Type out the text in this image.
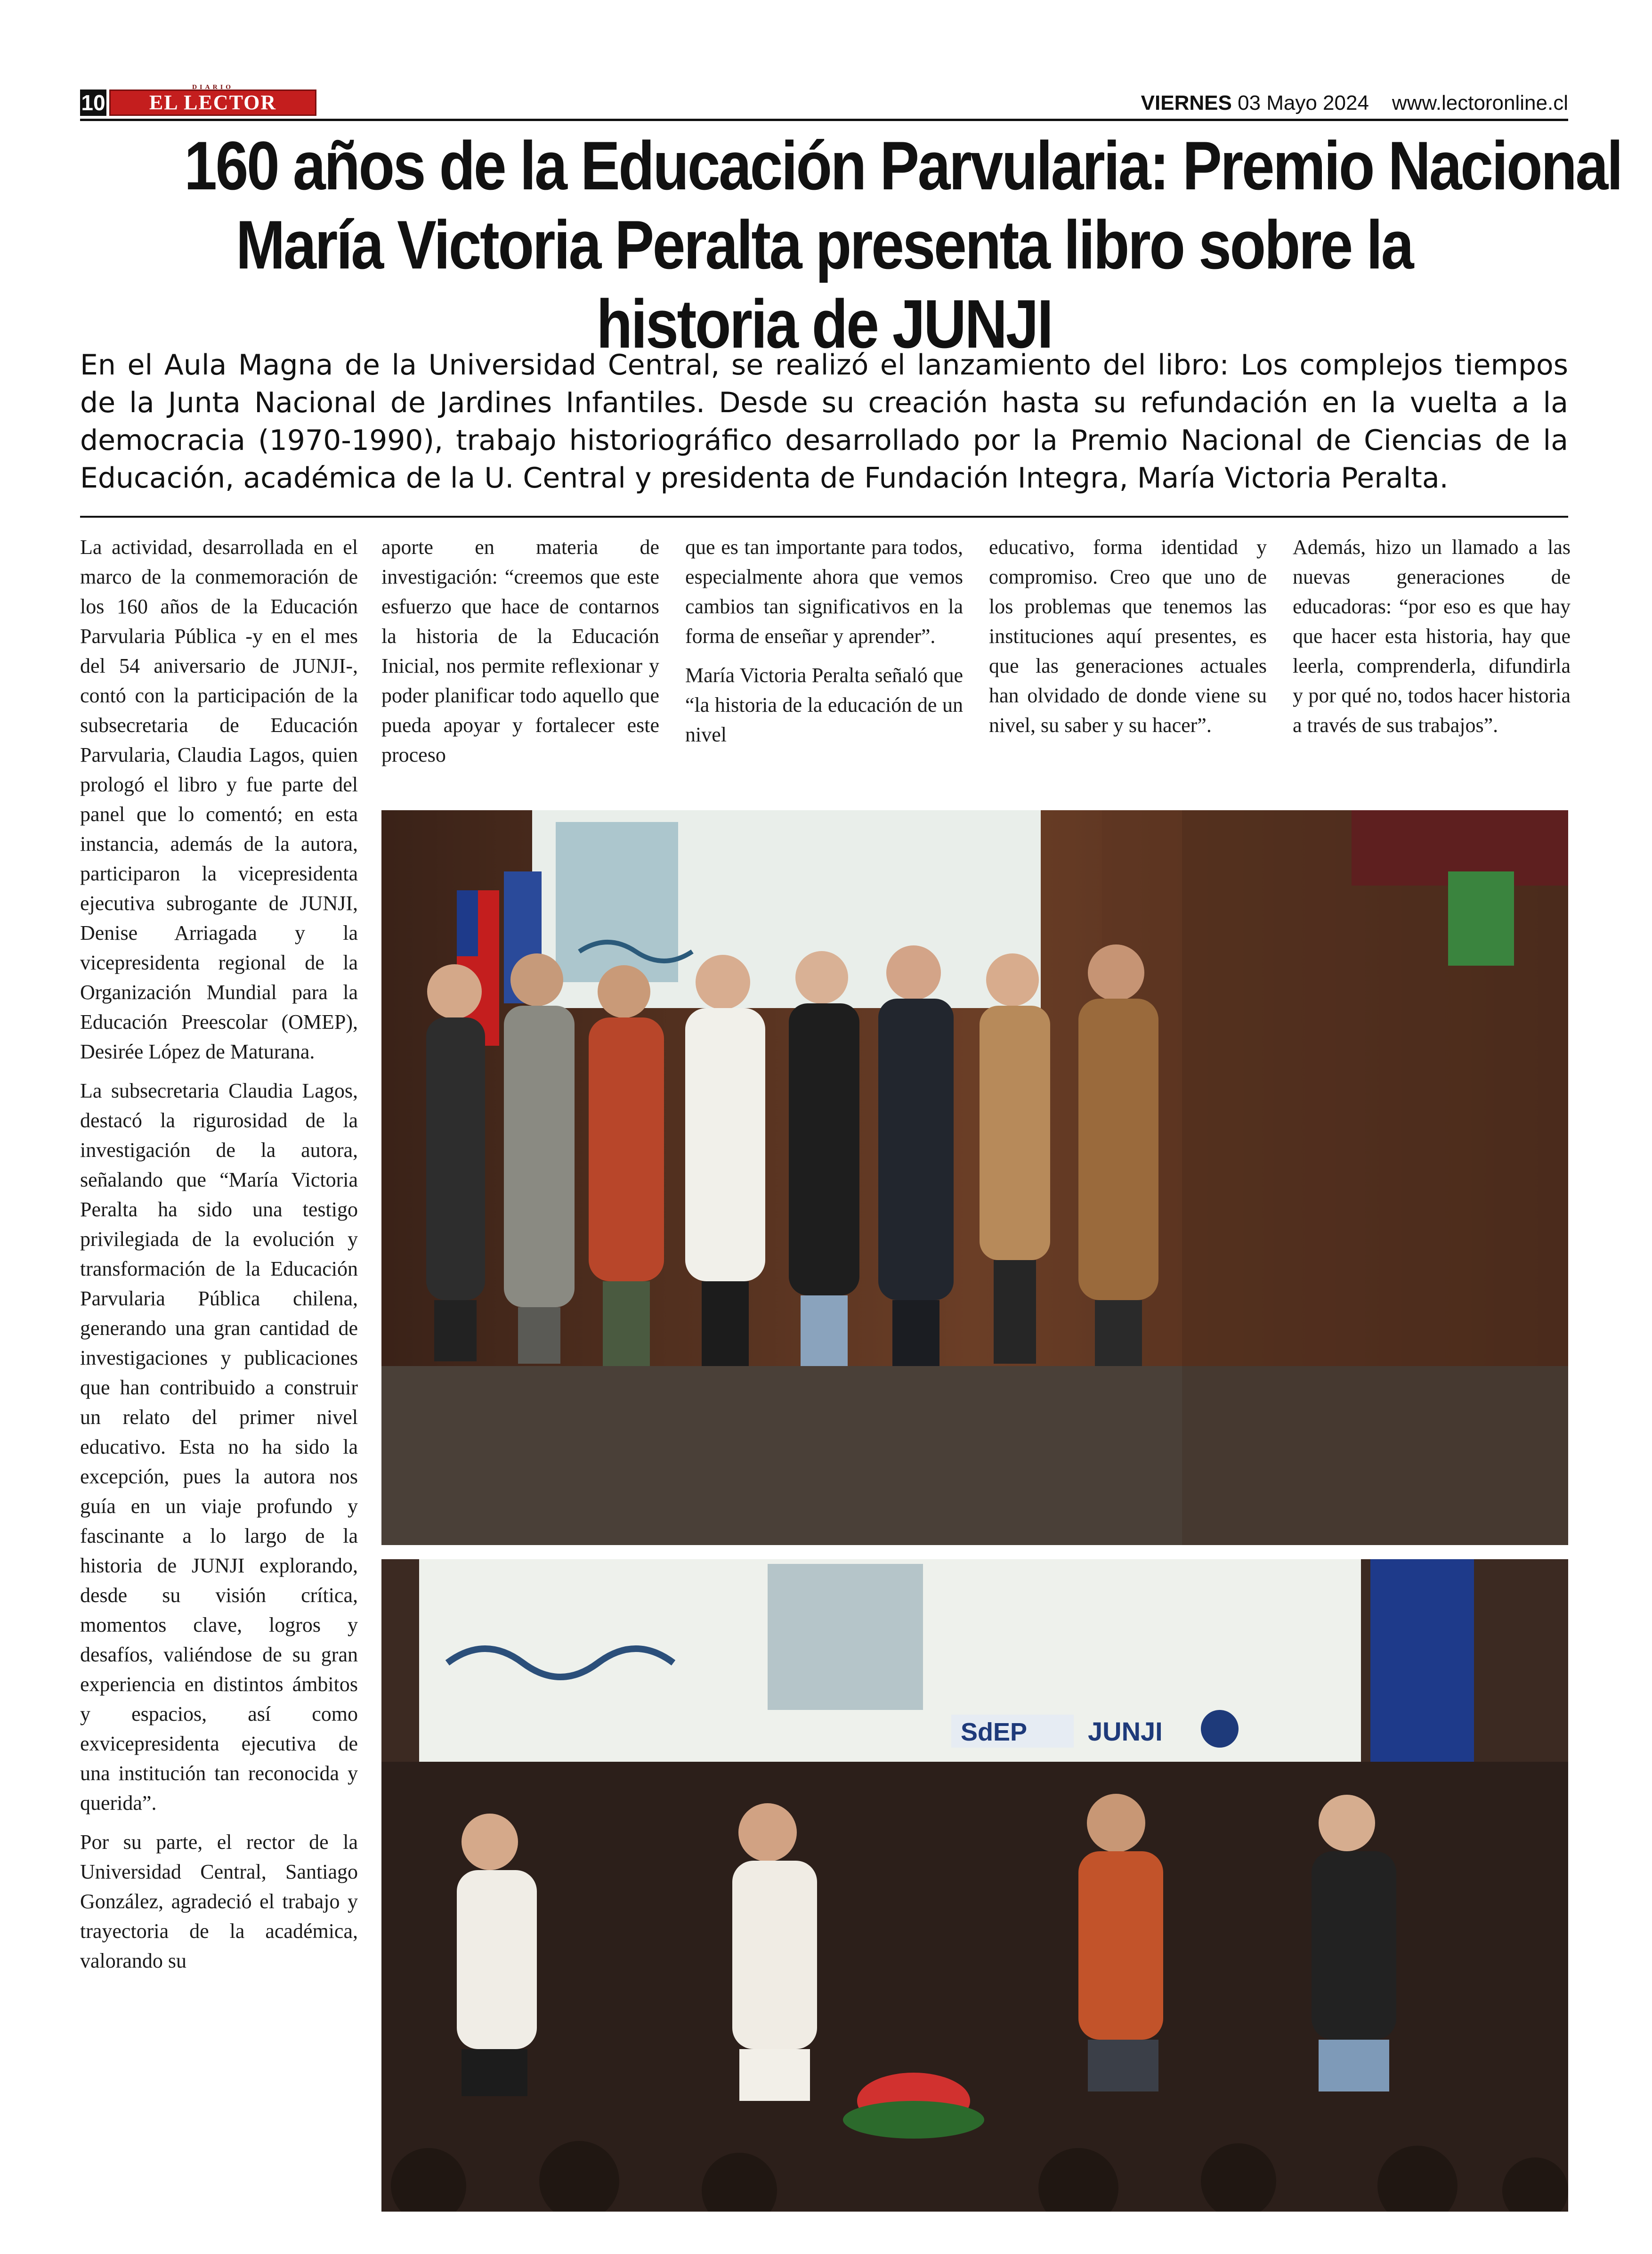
10
DIARIO
EL LECTOR	VIERNES 03 Mayo 2024 www.lectoronline.cl
160 años de la Educación Parvularia: Premio Nacional
María Victoria Peralta presenta libro sobre la
historia de JUNJI
En el Aula Magna de la Universidad Central, se realizó el lanzamiento del libro: Los complejos tiempos de la Junta Nacional de Jardines Infantiles. Desde su creación hasta su refundación en la vuelta a la democracia (1970-1990), trabajo historiográfico desarrollado por la Premio Nacional de Ciencias de la Educación, académica de la U. Central y presidenta de Fundación Integra, María Victoria Peralta.

La actividad, desarrollada en el marco de la conmemoración de los 160 años de la Educación Parvularia Pública -y en el mes del 54 aniversario de JUNJI-, contó con la participación de la subsecretaria de Educación Parvularia, Claudia Lagos, quien prologó el libro y fue parte del panel que lo comentó; en esta instancia, además de la autora, participaron la vicepresidenta ejecutiva subrogante de JUNJI, Denise Arriagada y la vicepresidenta regional de la Organización Mundial para la Educación Preescolar (OMEP), Desirée López de Maturana.

La subsecretaria Claudia Lagos, destacó la rigurosidad de la investigación de la autora, señalando que “María Victoria Peralta ha sido una testigo privilegiada de la evolución y transformación de la Educación Parvularia Pública chilena, generando una gran cantidad de investigaciones y publicaciones que han contribuido a construir un relato del primer nivel educativo. Esta no ha sido la excepción, pues la autora nos guía en un viaje profundo y fascinante a lo largo de la historia de JUNJI explorando, desde su visión crítica, momentos clave, logros y desafíos, valiéndose de su gran experiencia en distintos ámbitos y espacios, así como exvicepresidenta ejecutiva de una institución tan reconocida y querida”.

Por su parte, el rector de la Universidad Central, Santiago González, agradeció el trabajo y trayectoria de la académica, valorando su

aporte en materia de investigación: “creemos que este esfuerzo que hace de contarnos la historia de la Educación Inicial, nos permite reflexionar y poder planificar todo aquello que pueda apoyar y fortalecer este proceso

que es tan importante para todos, especialmente ahora que vemos cambios tan significativos en la forma de enseñar y aprender”.

María Victoria Peralta señaló que “la historia de la educación de un nivel

educativo, forma identidad y compromiso. Creo que uno de los problemas que tenemos las instituciones aquí presentes, es que las generaciones actuales han olvidado de donde viene su nivel, su saber y su hacer”.

Además, hizo un llamado a las nuevas generaciones de educadoras: “por eso es que hay que hacer esta historia, hay que leerla, comprenderla, difundirla y por qué no, todos hacer historia a través de sus trabajos”.

SdEP JUNJI
